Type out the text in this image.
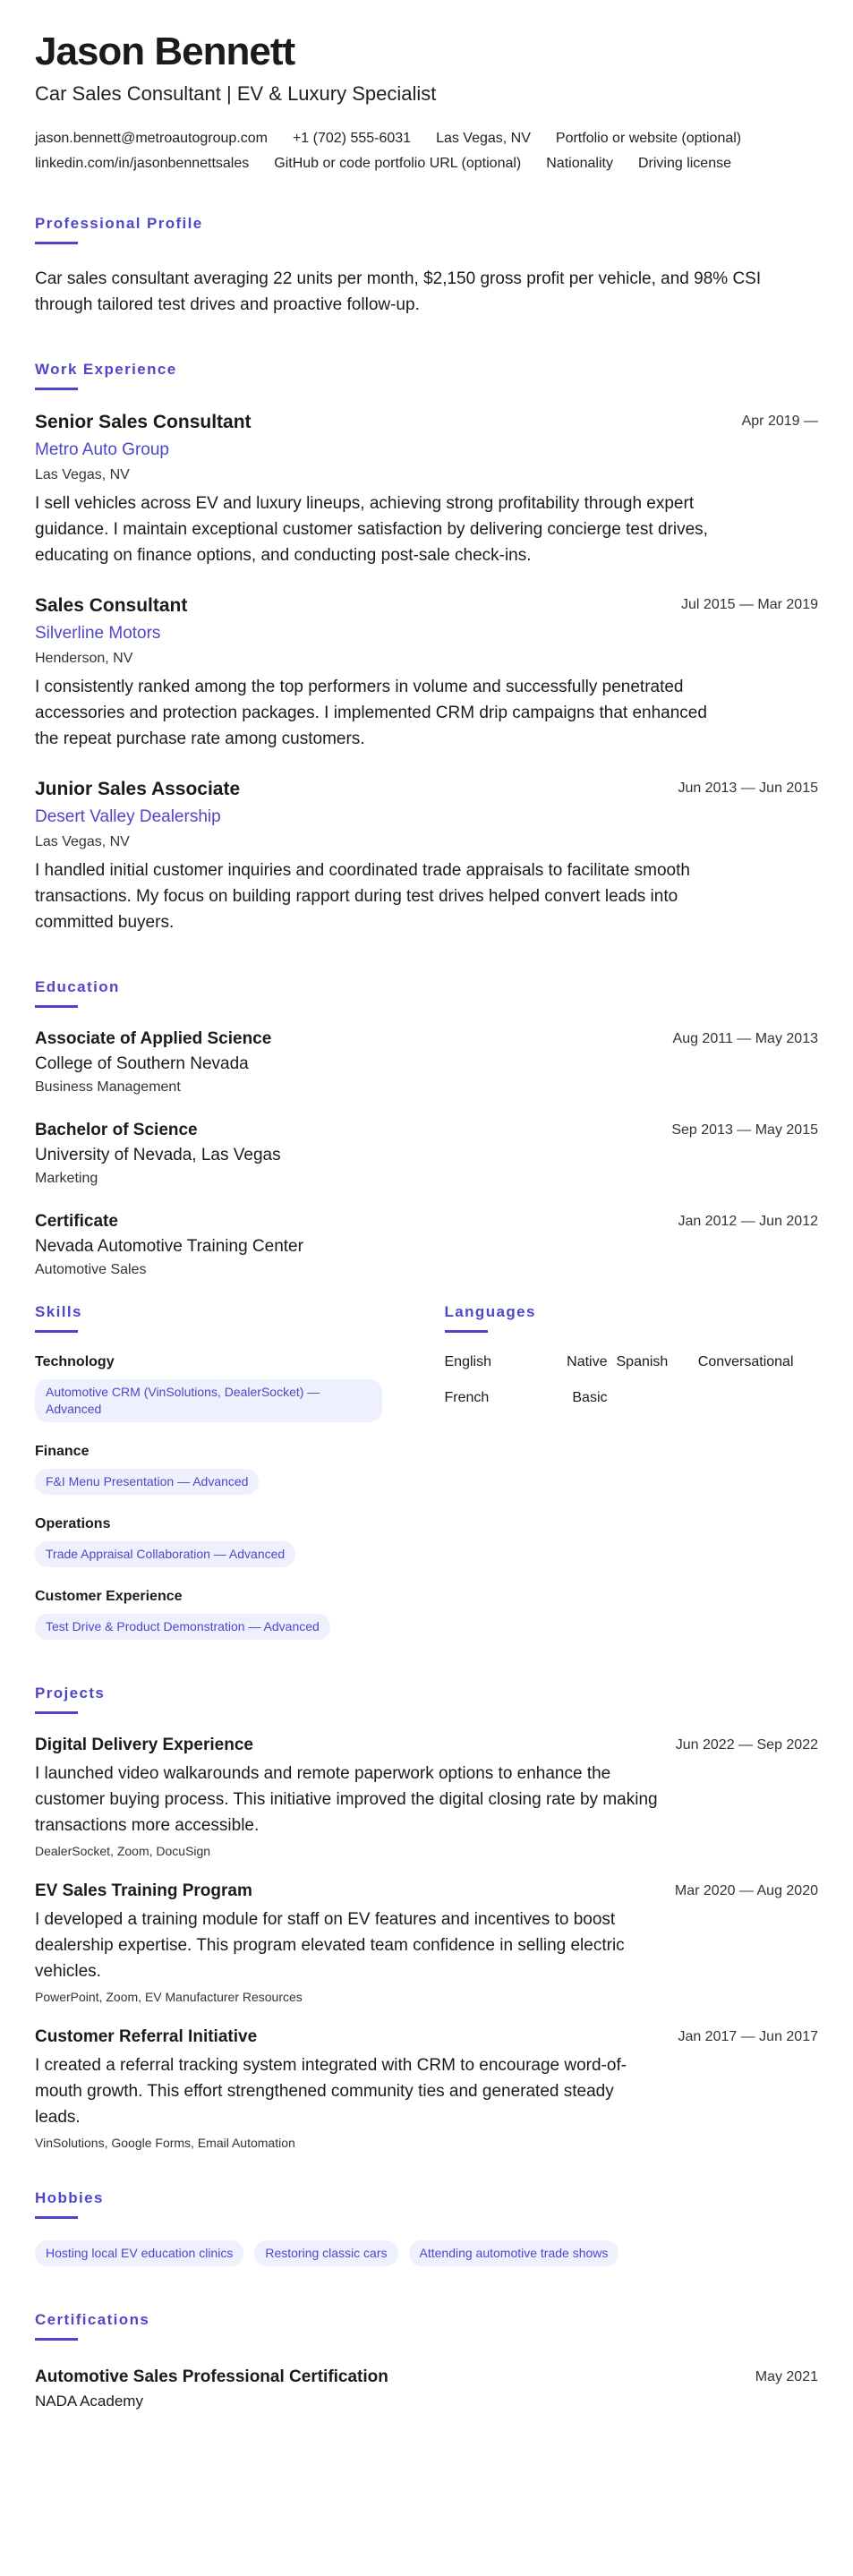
Jason Bennett
Car Sales Consultant | EV & Luxury Specialist
jason.bennett@metroautogroup.com +1 (702) 555-6031 Las Vegas, NV Portfolio or website (optional)
linkedin.com/in/jasonbennettsales GitHub or code portfolio URL (optional) Nationality Driving license
Professional Profile
Car sales consultant averaging 22 units per month, $2,150 gross profit per vehicle, and 98% CSI through tailored test drives and proactive follow-up.
Work Experience
Apr 2019 —
Senior Sales Consultant
Metro Auto Group
Las Vegas, NV
I sell vehicles across EV and luxury lineups, achieving strong profitability through expert guidance. I maintain exceptional customer satisfaction by delivering concierge test drives, educating on finance options, and conducting post-sale check-ins.
Jul 2015 — Mar 2019
Sales Consultant
Silverline Motors
Henderson, NV
I consistently ranked among the top performers in volume and successfully penetrated accessories and protection packages. I implemented CRM drip campaigns that enhanced the repeat purchase rate among customers.
Jun 2013 — Jun 2015
Junior Sales Associate
Desert Valley Dealership
Las Vegas, NV
I handled initial customer inquiries and coordinated trade appraisals to facilitate smooth transactions. My focus on building rapport during test drives helped convert leads into committed buyers.
Education
Aug 2011 — May 2013
Associate of Applied Science
College of Southern Nevada
Business Management
Sep 2013 — May 2015
Bachelor of Science
University of Nevada, Las Vegas
Marketing
Jan 2012 — Jun 2012
Certificate
Nevada Automotive Training Center
Automotive Sales
Skills
Technology
Automotive CRM (VinSolutions, DealerSocket) — Advanced
Finance
F&I Menu Presentation — Advanced
Operations
Trade Appraisal Collaboration — Advanced
Customer Experience
Test Drive & Product Demonstration — Advanced
Languages
English	Native Spanish	Conversational
French	Basic
Projects
Jun 2022 — Sep 2022
Digital Delivery Experience
I launched video walkarounds and remote paperwork options to enhance the customer buying process. This initiative improved the digital closing rate by making transactions more accessible.
DealerSocket, Zoom, DocuSign
Mar 2020 — Aug 2020
EV Sales Training Program
I developed a training module for staff on EV features and incentives to boost dealership expertise. This program elevated team confidence in selling electric vehicles.
PowerPoint, Zoom, EV Manufacturer Resources
Jan 2017 — Jun 2017
Customer Referral Initiative
I created a referral tracking system integrated with CRM to encourage word-of-mouth growth. This effort strengthened community ties and generated steady leads.
VinSolutions, Google Forms, Email Automation
Hobbies
Hosting local EV education clinics	Restoring classic cars	Attending automotive trade shows
Certifications
May 2021
Automotive Sales Professional Certification
NADA Academy
